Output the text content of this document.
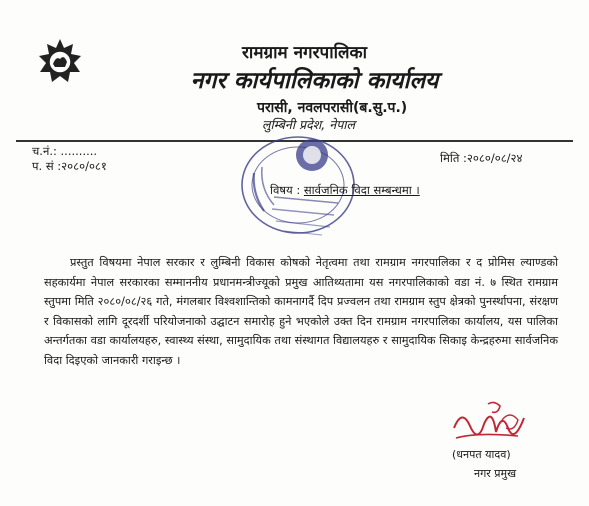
रामग्राम नगरपालिका
नगर कार्यपालिकाको कार्यालय
परासी, नवलपरासी(ब.सु.प.)
लुम्बिनी प्रदेश, नेपाल
च.नं.: ..........
प. सं :२०८०/०८१
मिति :२०८०/०८/२४
विषय : सार्वजनिक विदा सम्बन्धमा ।
प्रस्तुत विषयमा नेपाल सरकार र लुम्बिनी विकास कोषको नेतृत्वमा तथा रामग्राम नगरपालिका र द प्रोमिस ल्याण्डको सहकार्यमा नेपाल सरकारका सम्माननीय प्रधानमन्त्रीज्यूको प्रमुख आतिथ्यतामा यस नगरपालिकाको वडा नं. ७ स्थित रामग्राम स्तुपमा मिति २०८०/०८/२६ गते, मंगलबार विश्वशान्तिको कामनागर्दै दिप प्रज्वलन तथा रामग्राम स्तुप क्षेत्रको पुनर्स्थापना, संरक्षण र विकासको लागि दूरदर्शी परियोजनाको उद्घाटन समारोह हुने भएकोले उक्त दिन रामग्राम नगरपालिका कार्यालय, यस पालिका अन्तर्गतका वडा कार्यालयहरु, स्वास्थ्य संस्था, सामुदायिक तथा संस्थागत विद्यालयहरु र सामुदायिक सिकाइ केन्द्रहरुमा सार्वजनिक विदा दिइएको जानकारी गराइन्छ ।
(धनपत यादव)
नगर प्रमुख
